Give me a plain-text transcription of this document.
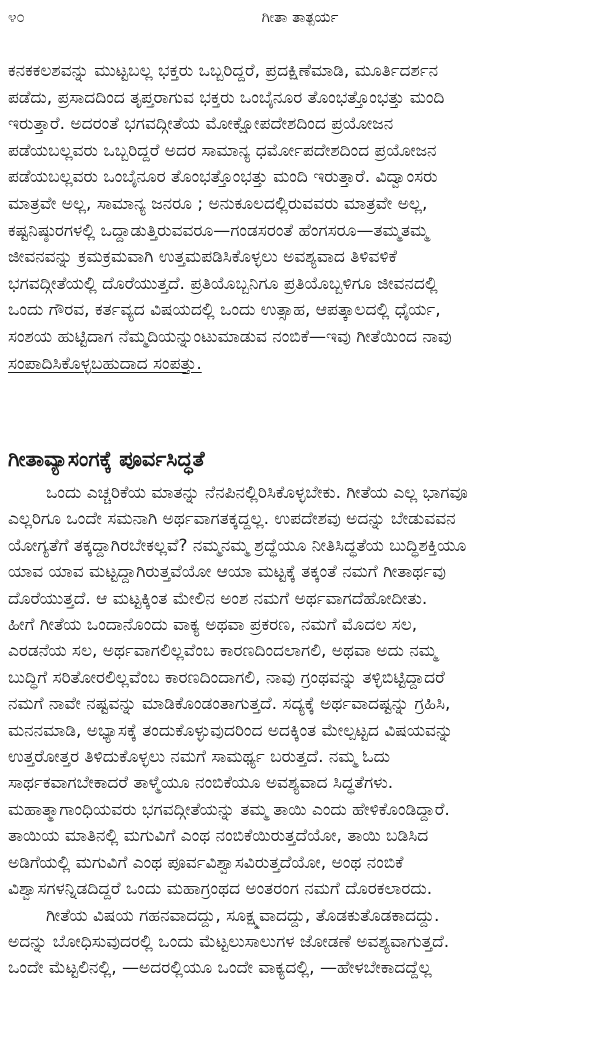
೪೦	ಗೀತಾ ತಾತ್ಪರ್ಯ
ಕನಕಕಲಶವನ್ನು ಮುಟ್ಟಬಲ್ಲ ಭಕ್ತರು ಒಬ್ಬರಿದ್ದರೆ, ಪ್ರದಕ್ಷಿಣೆಮಾಡಿ, ಮೂರ್ತಿದರ್ಶನ
ಪಡೆದು, ಪ್ರಸಾದದಿಂದ ತೃಪ್ತರಾಗುವ ಭಕ್ತರು ಒಂಬೈನೂರ ತೊಂಭತ್ತೊಂಭತ್ತು ಮಂದಿ
ಇರುತ್ತಾರೆ. ಅದರಂತೆ ಭಗವದ್ಗೀತೆಯ ಮೋಕ್ಷೋಪದೇಶದಿಂದ ಪ್ರಯೋಜನ
ಪಡೆಯಬಲ್ಲವರು ಒಬ್ಬರಿದ್ದರೆ ಅದರ ಸಾಮಾನ್ಯ ಧರ್ಮೋಪದೇಶದಿಂದ ಪ್ರಯೋಜನ
ಪಡೆಯಬಲ್ಲವರು ಒಂಬೈನೂರ ತೊಂಭತ್ತೊಂಭತ್ತು ಮಂದಿ ಇರುತ್ತಾರೆ. ವಿದ್ವಾಂಸರು
ಮಾತ್ರವೇ ಅಲ್ಲ, ಸಾಮಾನ್ಯ ಜನರೂ ; ಅನುಕೂಲದಲ್ಲಿರುವವರು ಮಾತ್ರವೇ ಅಲ್ಲ,
ಕಷ್ಟನಿಷ್ಠುರಗಳಲ್ಲಿ ಒದ್ದಾಡುತ್ತಿರುವವರೂ—ಗಂಡಸರಂತೆ ಹೆಂಗಸರೂ—ತಮ್ಮತಮ್ಮ
ಜೀವನವನ್ನು ಕ್ರಮಕ್ರಮವಾಗಿ ಉತ್ತಮಪಡಿಸಿಕೊಳ್ಳಲು ಅವಶ್ಯವಾದ ತಿಳಿವಳಿಕೆ
ಭಗವದ್ಗೀತೆಯಲ್ಲಿ ದೊರೆಯುತ್ತದೆ. ಪ್ರತಿಯೊಬ್ಬನಿಗೂ ಪ್ರತಿಯೊಬ್ಬಳಿಗೂ ಜೀವನದಲ್ಲಿ
ಒಂದು ಗೌರವ, ಕರ್ತವ್ಯದ ವಿಷಯದಲ್ಲಿ ಒಂದು ಉತ್ಸಾಹ, ಆಪತ್ಕಾಲದಲ್ಲಿ ಧೈರ್ಯ,
ಸಂಶಯ ಹುಟ್ಟಿದಾಗ ನೆಮ್ಮದಿಯನ್ನುಂಟುಮಾಡುವ ನಂಬಿಕೆ—ಇವು ಗೀತೆಯಿಂದ ನಾವು
ಸಂಪಾದಿಸಿಕೊಳ್ಳಬಹುದಾದ ಸಂಪತ್ತು.
ಗೀತಾವ್ಯಾಸಂಗಕ್ಕೆ ಪೂರ್ವಸಿದ್ಧತೆ
ಒಂದು ಎಚ್ಚರಿಕೆಯ ಮಾತನ್ನು ನೆನಪಿನಲ್ಲಿರಿಸಿಕೊಳ್ಳಬೇಕು. ಗೀತೆಯ ಎಲ್ಲ ಭಾಗವೂ
ಎಲ್ಲರಿಗೂ ಒಂದೇ ಸಮನಾಗಿ ಅರ್ಥವಾಗತಕ್ಕದ್ದಲ್ಲ. ಉಪದೇಶವು ಅದನ್ನು ಬೇಡುವವನ
ಯೋಗ್ಯತೆಗೆ ತಕ್ಕದ್ದಾಗಿರಬೇಕಲ್ಲವೆ? ನಮ್ಮನಮ್ಮ ಶ್ರದ್ಧೆಯೂ ನೀತಿಸಿದ್ಧತೆಯ ಬುದ್ಧಿಶಕ್ತಿಯೂ
ಯಾವ ಯಾವ ಮಟ್ಟದ್ದಾಗಿರುತ್ತವೆಯೋ ಆಯಾ ಮಟ್ಟಕ್ಕೆ ತಕ್ಕಂತೆ ನಮಗೆ ಗೀತಾರ್ಥವು
ದೊರೆಯುತ್ತದೆ. ಆ ಮಟ್ಟಕ್ಕಿಂತ ಮೇಲಿನ ಅಂಶ ನಮಗೆ ಅರ್ಥವಾಗದೆಹೋದೀತು.
ಹೀಗೆ ಗೀತೆಯ ಒಂದಾನೊಂದು ವಾಕ್ಯ ಅಥವಾ ಪ್ರಕರಣ, ನಮಗೆ ಮೊದಲ ಸಲ,
ಎರಡನೆಯ ಸಲ, ಅರ್ಥವಾಗಲಿಲ್ಲವೆಂಬ ಕಾರಣದಿಂದಲಾಗಲಿ, ಅಥವಾ ಅದು ನಮ್ಮ
ಬುದ್ಧಿಗೆ ಸರಿತೋರಲಿಲ್ಲವೆಂಬ ಕಾರಣದಿಂದಾಗಲಿ, ನಾವು ಗ್ರಂಥವನ್ನು ತಳ್ಳಿಬಿಟ್ಟಿದ್ದಾದರೆ
ನಮಗೆ ನಾವೇ ನಷ್ಟವನ್ನು ಮಾಡಿಕೊಂಡಂತಾಗುತ್ತದೆ. ಸದ್ಯಕ್ಕೆ ಅರ್ಥವಾದಷ್ಟನ್ನು ಗ್ರಹಿಸಿ,
ಮನನಮಾಡಿ, ಅಭ್ಯಾಸಕ್ಕೆ ತಂದುಕೊಳ್ಳುವುದರಿಂದ ಅದಕ್ಕಿಂತ ಮೇಲ್ಪಟ್ಟದ ವಿಷಯವನ್ನು
ಉತ್ತರೋತ್ತರ ತಿಳಿದುಕೊಳ್ಳಲು ನಮಗೆ ಸಾಮರ್ಥ್ಯ ಬರುತ್ತದೆ. ನಮ್ಮ ಓದು
ಸಾರ್ಥಕವಾಗಬೇಕಾದರೆ ತಾಳ್ಮೆಯೂ ನಂಬಿಕೆಯೂ ಅವಶ್ಯವಾದ ಸಿದ್ಧತೆಗಳು.
ಮಹಾತ್ಮಾಗಾಂಧಿಯವರು ಭಗವದ್ಗೀತೆಯನ್ನು ತಮ್ಮ ತಾಯಿ ಎಂದು ಹೇಳಿಕೊಂಡಿದ್ದಾರೆ.
ತಾಯಿಯ ಮಾತಿನಲ್ಲಿ ಮಗುವಿಗೆ ಎಂಥ ನಂಬಿಕೆಯಿರುತ್ತದೆಯೋ, ತಾಯಿ ಬಡಿಸಿದ
ಅಡಿಗೆಯಲ್ಲಿ ಮಗುವಿಗೆ ಎಂಥ ಪೂರ್ವವಿಶ್ವಾಸವಿರುತ್ತದೆಯೋ, ಅಂಥ ನಂಬಿಕೆ
ವಿಶ್ವಾಸಗಳನ್ನಿಡದಿದ್ದರೆ ಒಂದು ಮಹಾಗ್ರಂಥದ ಅಂತರಂಗ ನಮಗೆ ದೊರಕಲಾರದು.
ಗೀತೆಯ ವಿಷಯ ಗಹನವಾದದ್ದು, ಸೂಕ್ಷ್ಮವಾದದ್ದು, ತೊಡಕುತೊಡಕಾದದ್ದು.
ಅದನ್ನು ಬೋಧಿಸುವುದರಲ್ಲಿ ಒಂದು ಮೆಟ್ಟಲುಸಾಲುಗಳ ಜೋಡಣೆ ಅವಶ್ಯವಾಗುತ್ತದೆ.
ಒಂದೇ ಮೆಟ್ಟಲಿನಲ್ಲಿ, —ಅದರಲ್ಲಿಯೂ ಒಂದೇ ವಾಕ್ಯದಲ್ಲಿ, —ಹೇಳಬೇಕಾದದ್ದೆಲ್ಲ
